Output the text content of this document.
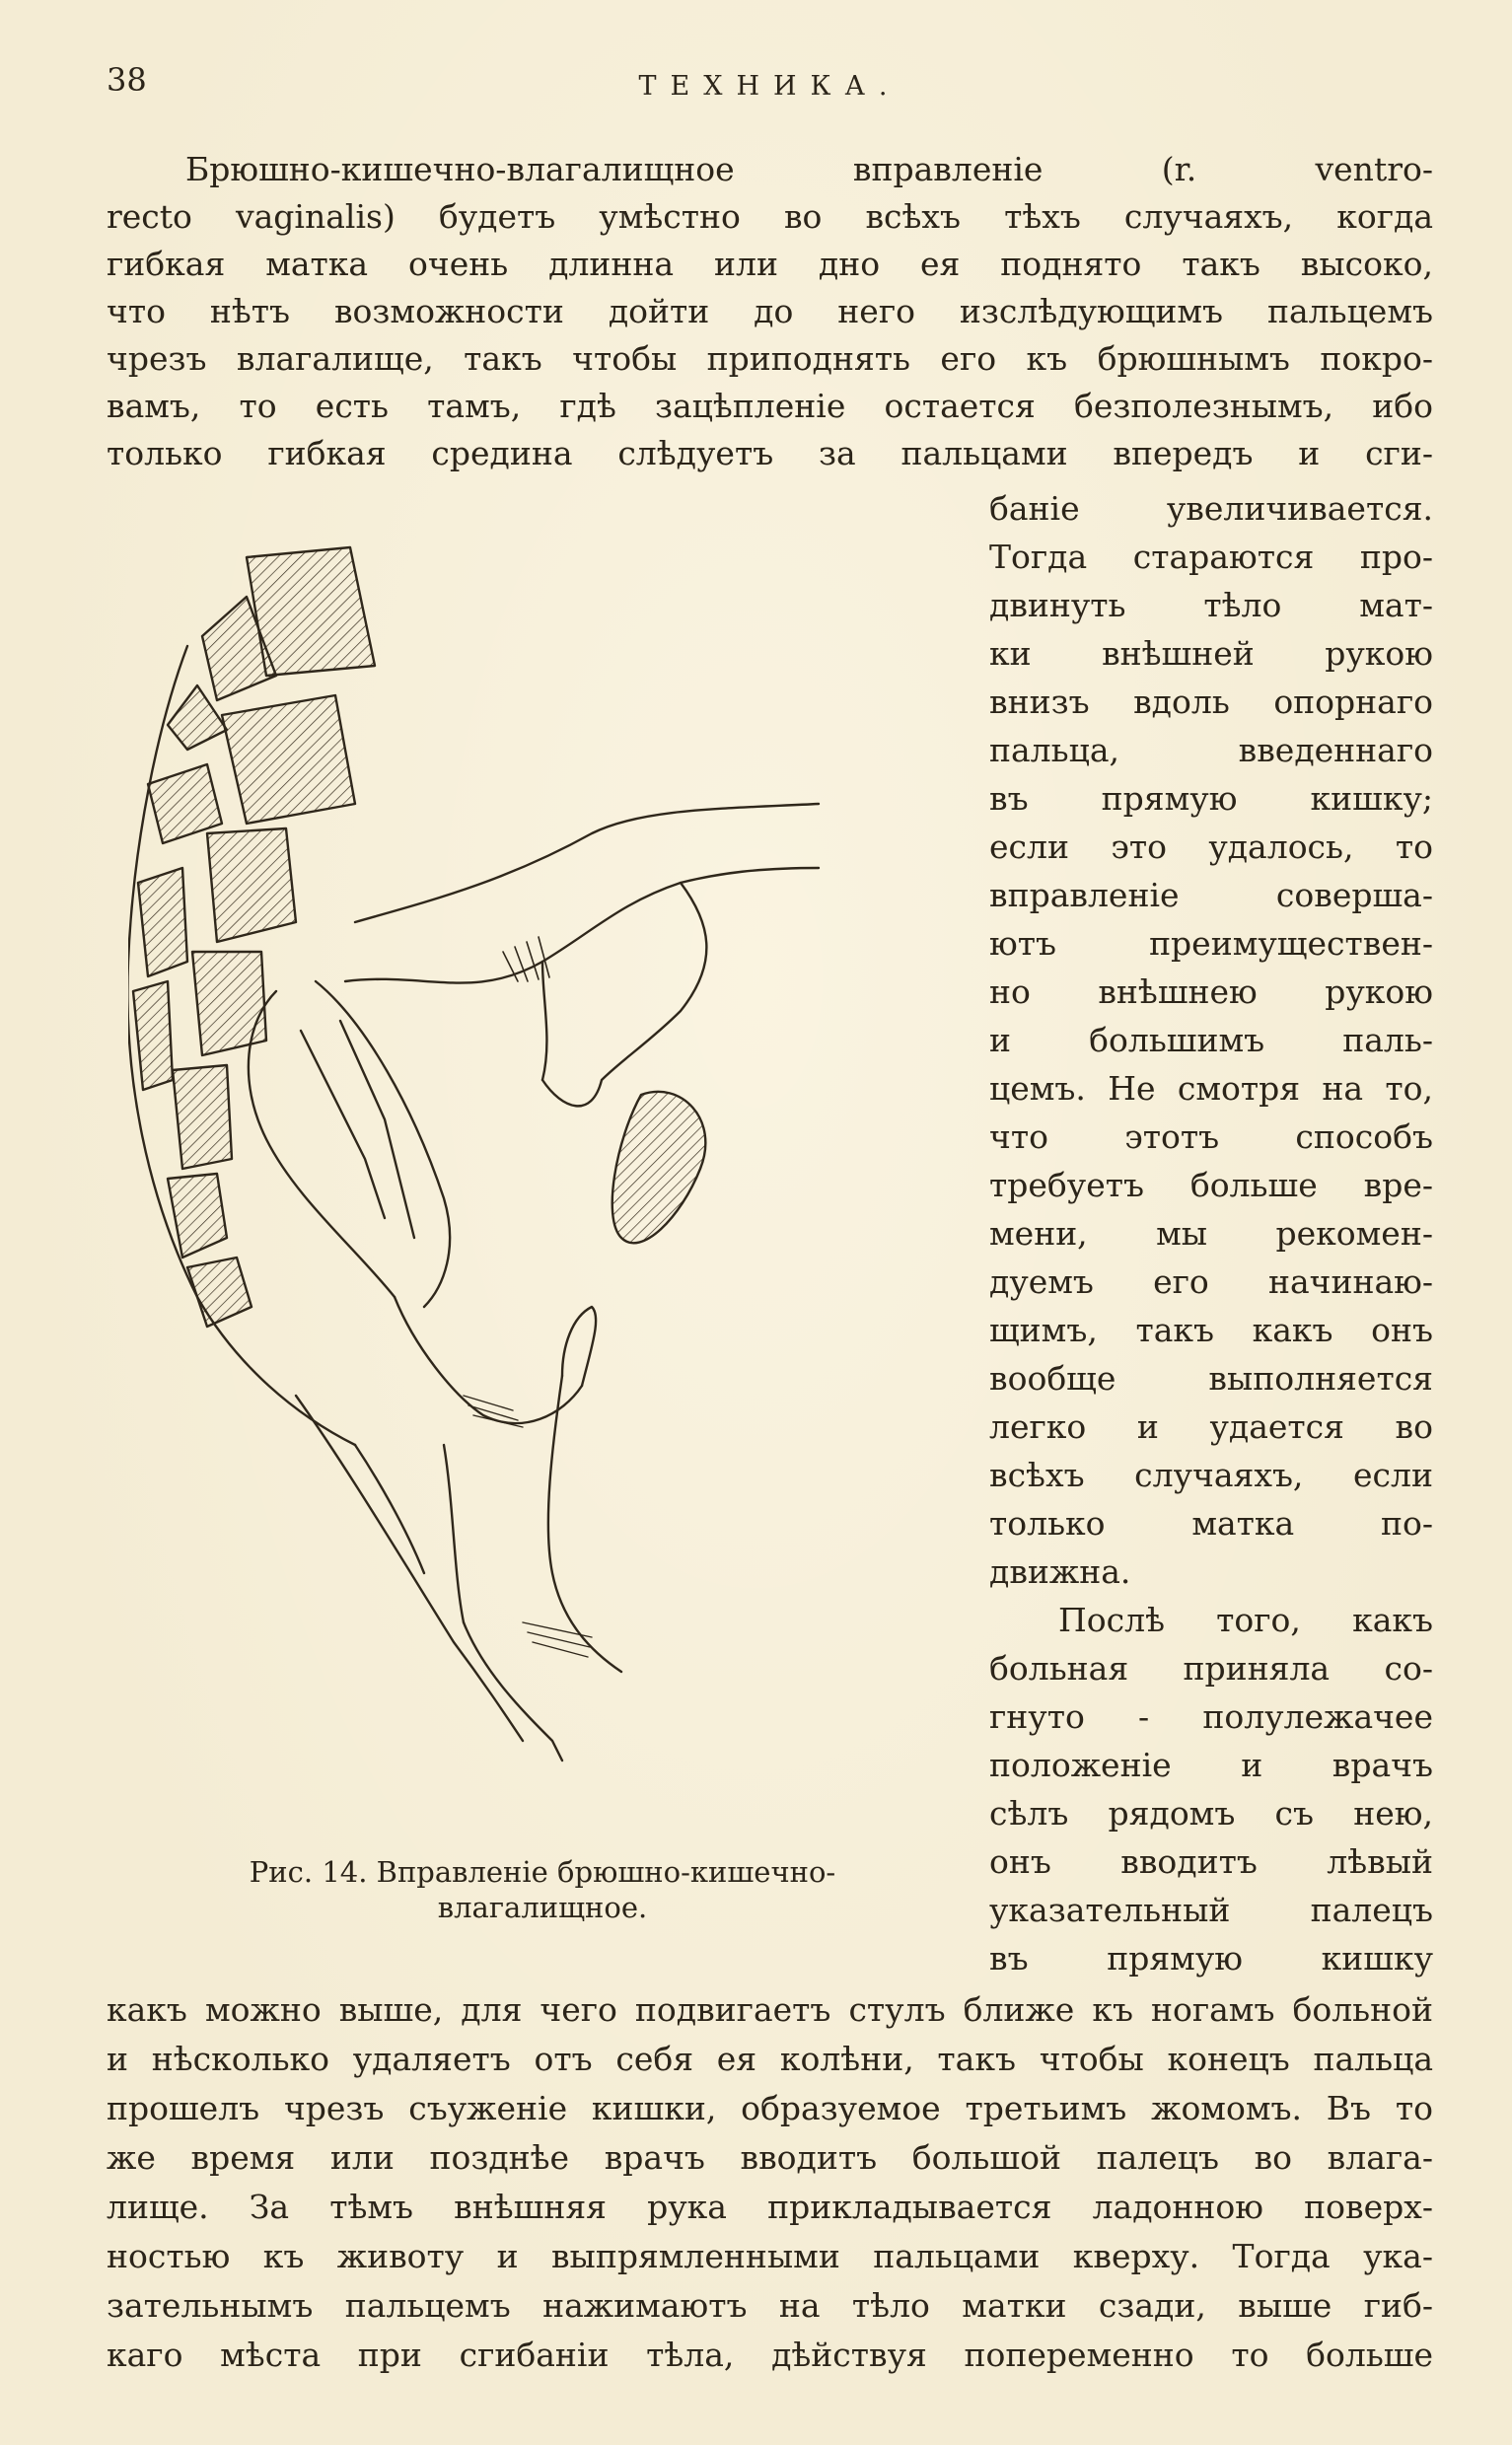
38	ТЕХНИКА.
Брюшно-кишечно-влагалищное вправленіе (r. ventro-
recto vaginalis) будетъ умѣстно во всѣхъ тѣхъ случаяхъ, когда
гибкая матка очень длинна или дно ея поднято такъ высоко,
что нѣтъ возможности дойти до него изслѣдующимъ пальцемъ
чрезъ влагалище, такъ чтобы приподнять его къ брюшнымъ покро-
вамъ, то есть тамъ, гдѣ зацѣпленіе остается безполезнымъ, ибо
только гибкая средина слѣдуетъ за пальцами впередъ и сги-
баніе увеличивается.
Тогда стараются про-
двинуть тѣло мат-
ки внѣшней рукою
внизъ вдоль опорнаго
пальца, введеннаго
въ прямую кишку;
если это удалось, то
вправленіе соверша-
ютъ преимуществен-
но внѣшнею рукою
и большимъ паль-
цемъ. Не смотря на то,
что этотъ способъ
требуетъ больше вре-
мени, мы рекомен-
дуемъ его начинаю-
щимъ, такъ какъ онъ
вообще выполняется
легко и удается во
всѣхъ случаяхъ, если
только матка по-
движна.
Послѣ того, какъ
больная приняла со-
гнуто - полулежачее
положеніе и врачъ
сѣлъ рядомъ съ нею,
онъ вводитъ лѣвый
указательный палецъ
въ прямую кишку
какъ можно выше, для чего подвигаетъ стулъ ближе къ ногамъ больной
и нѣсколько удаляетъ отъ себя ея колѣни, такъ чтобы конецъ пальца
прошелъ чрезъ съуженіе кишки, образуемое третьимъ жомомъ. Въ то
же время или позднѣе врачъ вводитъ большой палецъ во влага-
лище. За тѣмъ внѣшняя рука прикладывается ладонною поверх-
ностью къ животу и выпрямленными пальцами кверху. Тогда ука-
зательнымъ пальцемъ нажимаютъ на тѣло матки сзади, выше гиб-
каго мѣста при сгибаніи тѣла, дѣйствуя попеременно то больше
Рис. 14. Вправленіе брюшно-кишечно-
влагалищное.
